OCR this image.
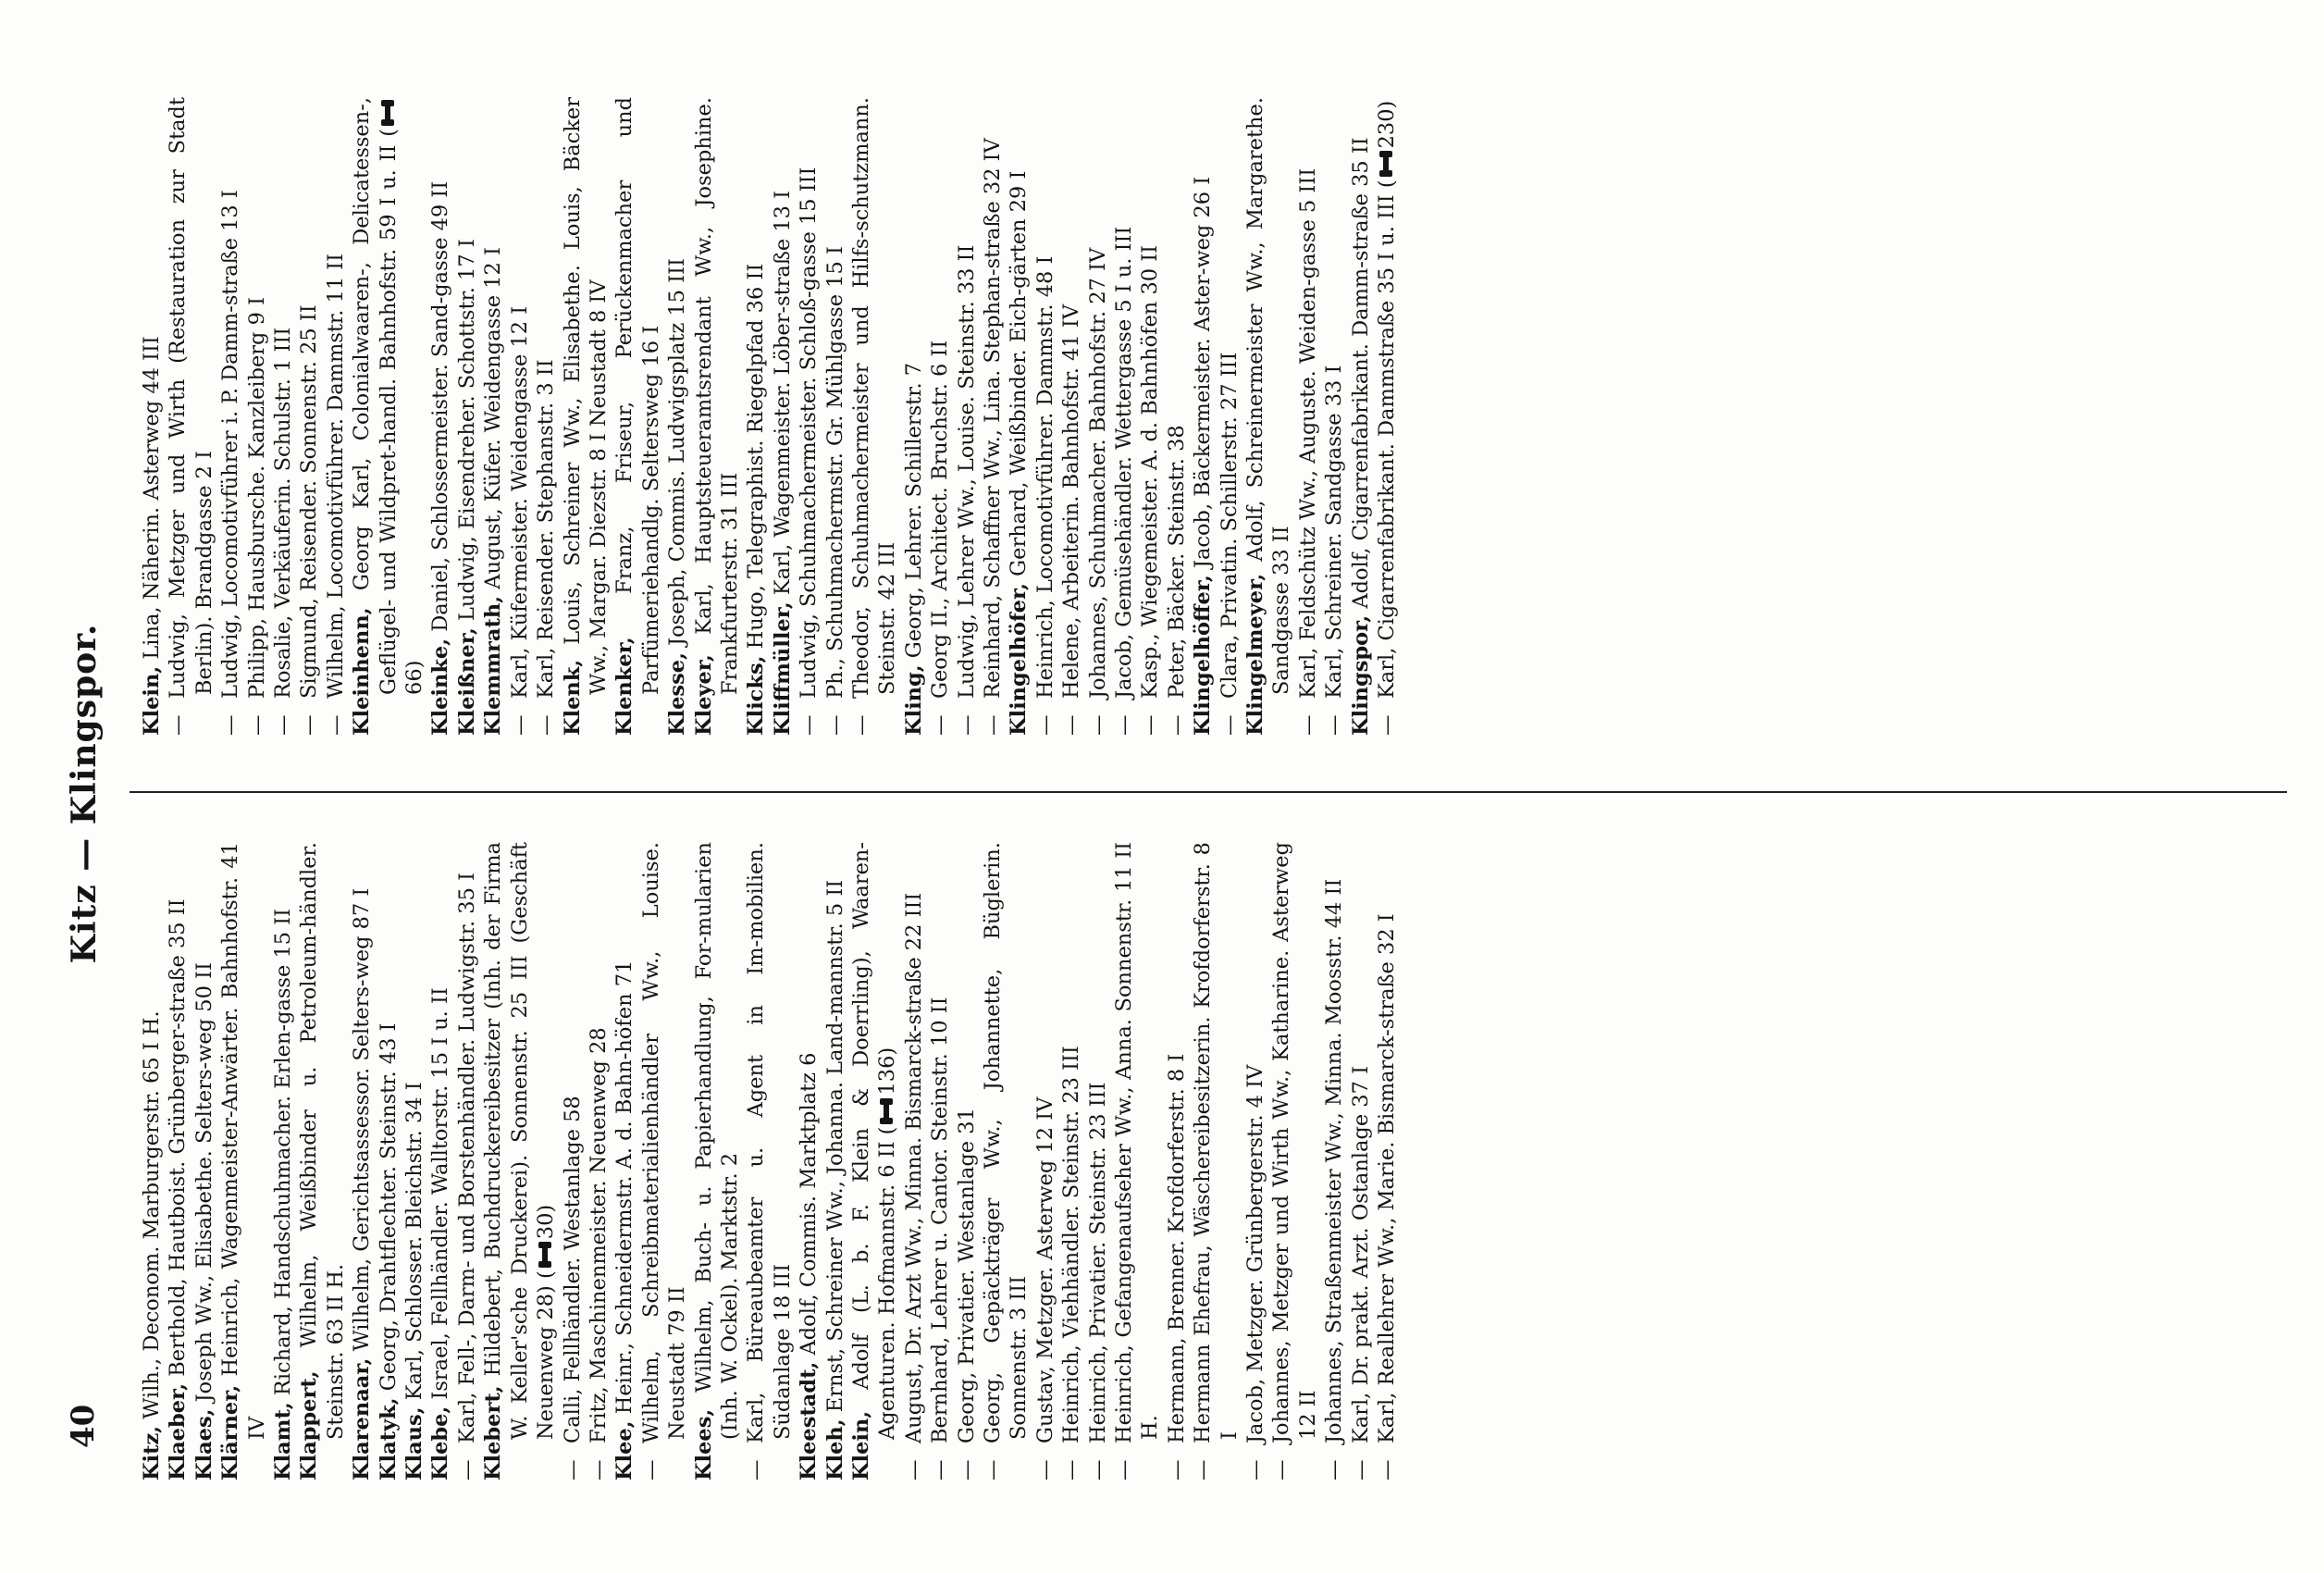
40
Kitz — Klingspor.

Kitz, Wilh., Deconom. Marburgerstr. 65 I H.

Klaeber, Berthold, Hautboist. Grünberger-straße 35 II

Klaes, Joseph Ww., Elisabethe. Selters-weg 50 II

Klärner, Heinrich, Wagenmeister-Anwärter. Bahnhofstr. 41 IV Klamt, Richard, Handschuhmacher. Erlen-gasse 15 II

Klappert, Wilhelm, Weißbinder u. Petroleum-händler. Steinstr. 63 II H. Klarenaar, Wilhelm, Gerichtsassessor. Selters-weg 87 I

Klatyk, Georg, Drahtflechter. Steinstr. 43 I

Klaus, Karl, Schlosser. Bleichstr. 34 I

Klebe, Israel, Fellhändler. Walltorstr. 15 I u. II

—Karl, Fell-, Darm- und Borstenhändler. Ludwigstr. 35 I Klebert, Hildebert, Buchdruckereibesitzer (Inh. der Firma W. Keller'sche Druckerei). Sonnenstr. 25 III (Geschäft Neuenweg 28) (
30)

—Calli, Fellhändler. Westanlage 58

—Fritz, Maschinenmeister. Neuenweg 28

Klee, Heinr., Schneidermstr. A. d. Bahn-höfen 71

—Wilhelm, Schreibmaterialienhändler Ww., Louise. Neustadt 79 II

Klees, Wilhelm, Buch- u. Papierhandlung, For-mularien (Inh. W. Ockel). Marktstr. 2

—Karl, Büreaubeamter u. Agent in Im-mobilien. Südanlage 18 III Kleestadt, Adolf, Commis. Marktplatz 6

Kleh, Ernst, Schreiner Ww., Johanna. Land-mannstr. 5 II

Klein, Adolf (L. b. F. Klein & Doerrling), Waaren-Agenturen. Hofmannstr. 6 II (
136)

—August, Dr. Arzt Ww., Minna. Bismarck-straße 22 III

—Bernhard, Lehrer u. Cantor. Steinstr. 10 II

—Georg, Privatier. Westanlage 31

—Georg, Gepäckträger Ww., Johannette, Büglerin. Sonnenstr. 3 III

—Gustav, Metzger. Asterweg 12 IV

—Heinrich, Viehhändler. Steinstr. 23 III

—Heinrich, Privatier. Steinstr. 23 III

—Heinrich, Gefangenaufseher Ww., Anna. Sonnenstr. 11 II H.

—Hermann, Brenner. Krofdorferstr. 8 I

—Hermann Ehefrau, Wäschereibesitzerin. Krofdorferstr. 8 I

—Jacob, Metzger. Grünbergerstr. 4 IV

—Johannes, Metzger und Wirth Ww., Katharine. Asterweg 12 II

—Johannes, Straßenmeister Ww., Minna. Moosstr. 44 II

—Karl, Dr. prakt. Arzt. Ostanlage 37 I

—Karl, Reallehrer Ww., Marie. Bismarck-straße 32 I

Klein, Lina, Näherin. Asterweg 44 III

—Ludwig, Metzger und Wirth (Restauration zur Stadt Berlin). Brandgasse 2 I

—Ludwig, Locomotivführer i. P. Damm-straße 13 I

—Philipp, Hausbursche. Kanzleiberg 9 I

—Rosalie, Verkäuferin. Schulstr. 1 III

—Sigmund, Reisender. Sonnenstr. 25 II

—Wilhelm, Locomotivführer. Dammstr. 11 II Kleinhenn, Georg Karl, Colonialwaaren-, Delicatessen-, Geflügel- und Wildpret-handl. Bahnhofstr. 59 I u. II (
66) Kleinke, Daniel, Schlossermeister. Sand-gasse 49 II

Kleißner, Ludwig, Eisendreher. Schottstr. 17 I

Klemmrath, August, Küfer. Weidengasse 12 I

—Karl, Küfermeister. Weidengasse 12 I

—Karl, Reisender. Stephanstr. 3 II Klenk, Louis, Schreiner Ww., Elisabethe. Louis, Bäcker Ww., Margar. Diezstr. 8 I Neustadt 8 IV Klenker, Franz, Friseur, Perückenmacher und Parfümeriehandlg. Seltersweg 16 I Klesse, Joseph, Commis. Ludwigsplatz 15 III

Kleyer, Karl, Hauptsteueramtsrendant Ww., Josephine. Frankfurterstr. 31 III

Klicks, Hugo, Telegraphist. Riegelpfad 36 II

Kliffmüller, Karl, Wagenmeister. Löber-straße 13 I

—Ludwig, Schuhmachermeister. Schloß-gasse 15 III

—Ph., Schuhmachermstr. Gr. Mühlgasse 15 I

—Theodor, Schuhmachermeister und Hilfs-schutzmann. Steinstr. 42 III

Kling, Georg, Lehrer. Schillerstr. 7

—Georg II., Architect. Bruchstr. 6 II

—Ludwig, Lehrer Ww., Louise. Steinstr. 33 II

—Reinhard, Schaffner Ww., Lina. Stephan-straße 32 IV Klingelhöfer, Gerhard, Weißbinder. Eich-gärten 29 I

—Heinrich, Locomotivführer. Dammstr. 48 I

—Helene, Arbeiterin. Bahnhofstr. 41 IV

—Johannes, Schuhmacher. Bahnhofstr. 27 IV

—Jacob, Gemüsehändler. Wettergasse 5 I u. III

—Kasp., Wiegemeister. A. d. Bahnhöfen 30 II

—Peter, Bäcker. Steinstr. 38 Klingelhöffer, Jacob, Bäckermeister. Aster-weg 26 I

—Clara, Privatin. Schillerstr. 27 III Klingelmeyer, Adolf, Schreinermeister Ww., Margarethe. Sandgasse 33 II

—Karl, Feldschütz Ww., Auguste. Weiden-gasse 5 III

—Karl, Schreiner. Sandgasse 33 I Klingspor, Adolf, Cigarrenfabrikant. Damm-straße 35 II

—Karl, Cigarrenfabrikant. Dammstraße 35 I u. III (
230)
